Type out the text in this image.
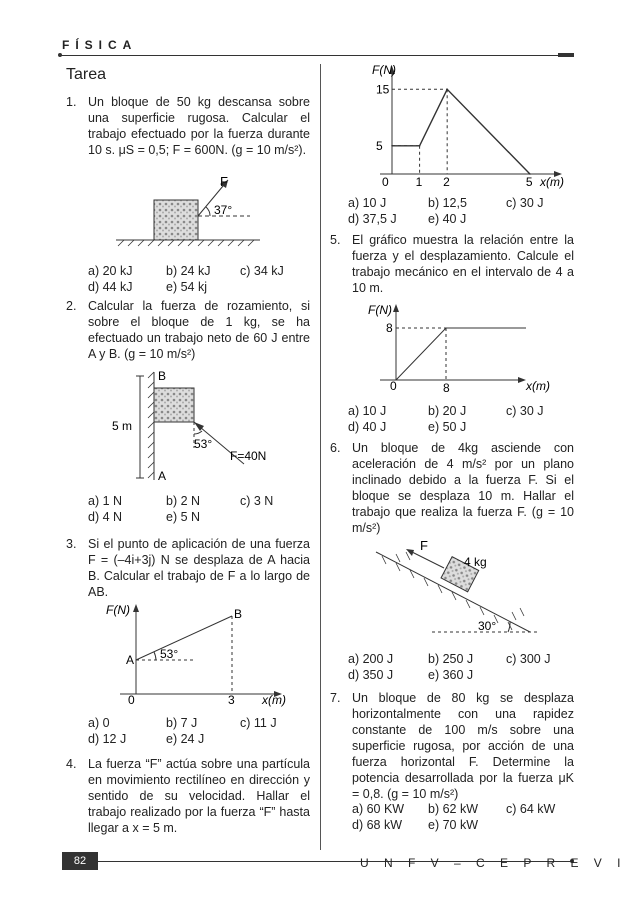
FÍSICA
82	U N F V – C E P R E V I
Tarea
1. Un bloque de 50 kg descansa sobre una superficie rugosa. Calcular el trabajo efectuado por la fuerza durante 10 s. μS = 0,5; F = 600N. (g = 10 m/s²).
F
37°
a) 20 kJ	b) 24 kJ c) 34 kJ
d) 44 kJ	e) 54 kj
2. Calcular la fuerza de rozamiento, si sobre el bloque de 1 kg, se ha efectuado un trabajo neto de 60 J entre A y B. (g = 10 m/s²)
B
A
5 m
53°
F=40N
a) 1 N	b) 2 N	c) 3 N
d) 4 N	e) 5 N
3. Si el punto de aplicación de una fuerza F = (–4i+3j) N se desplaza de A hacia B. Calcular el trabajo de F a lo largo de AB.
F(N)
x(m)
A
B
53°
0	3
a) 0	b) 7 J	c) 11 J
d) 12 J	e) 24 J
4. La fuerza “F” actúa sobre una partícula en movimiento rectilíneo en dirección y sentido de su velocidad. Hallar el trabajo realizado por la fuerza “F” hasta llegar a x = 5 m.
F(N)
x(m)
0 1 2	5
5
15
a) 10 J	b) 12,5	c) 30 J
d) 37,5 J	e) 40 J
5. El gráfico muestra la relación entre la fuerza y el desplazamiento. Calcule el trabajo mecánico en el intervalo de 4 a 10 m.
F(N)
x(m)
8
8
0
a) 10 J	b) 20 J	c) 30 J
d) 40 J	e) 50 J
6. Un bloque de 4kg asciende con aceleración de 4 m/s² por un plano inclinado debido a la fuerza F. Si el bloque se desplaza 10 m. Hallar el trabajo que realiza la fuerza F. (g = 10 m/s²)
F
4 kg
30°
a) 200 J	b) 250 J	c) 300 J
d) 350 J	e) 360 J
7. Un bloque de 80 kg se desplaza horizontalmente con una rapidez constante de 100 m/s sobre una superficie rugosa, por acción de una fuerza horizontal F. Determine la potencia desarrollada por la fuerza μK = 0,8. (g = 10 m/s²)
a) 60 KW b) 62 kW c) 64 kW
d) 68 kW e) 70 kW
